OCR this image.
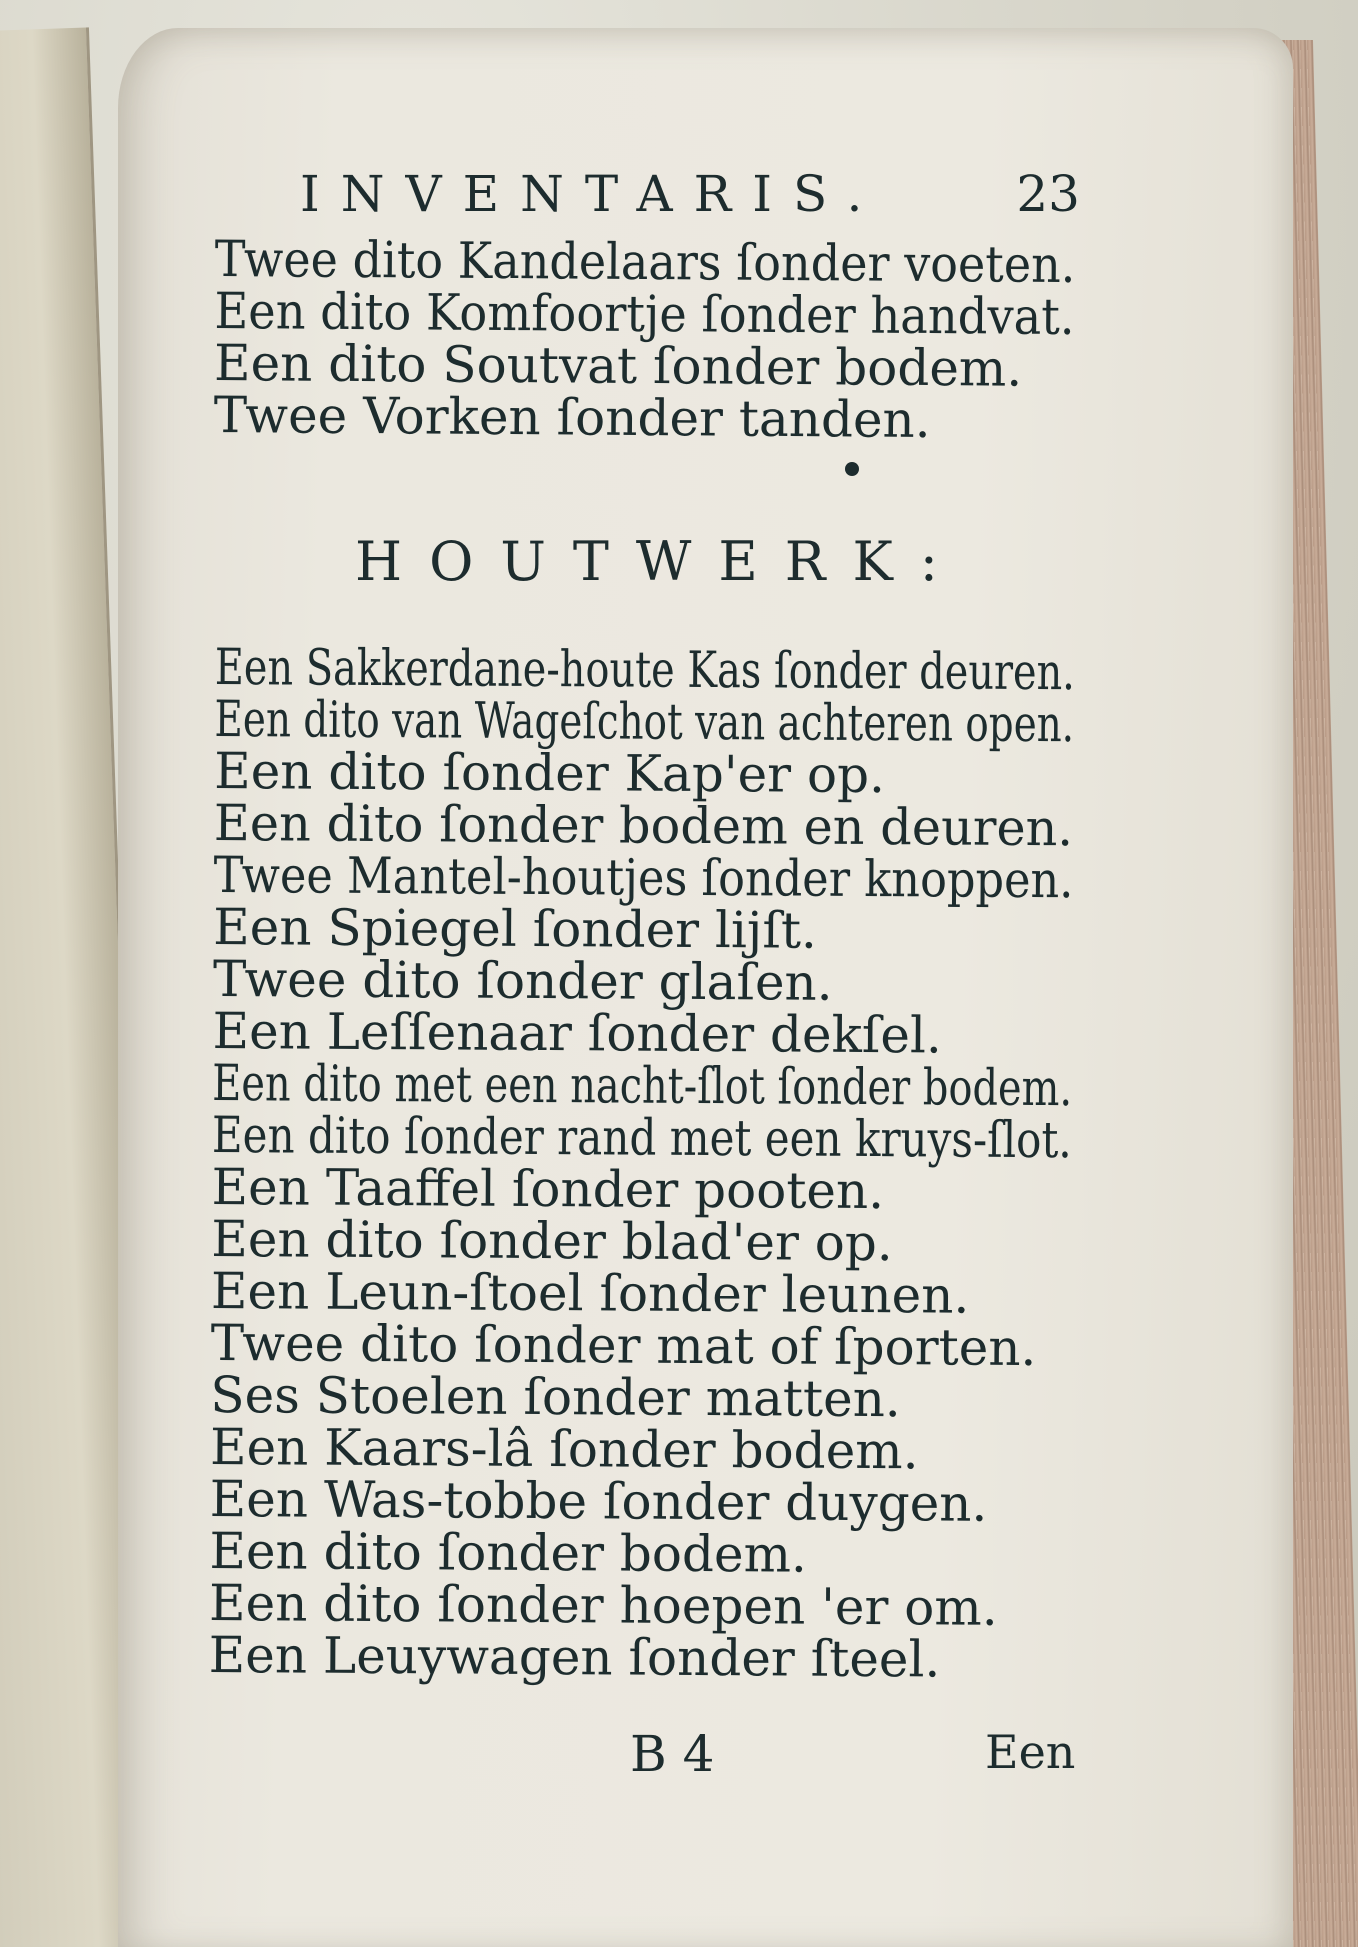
INVENTARIS.	23
Twee dito Kandelaars ſonder voeten.
Een dito Komfoortje ſonder handvat.
Een dito Soutvat ſonder bodem.
Twee Vorken ſonder tanden.
HOUTWERK:
Een Sakkerdane-houte Kas ſonder deuren.
Een dito van Wageſchot van achteren open.
Een dito ſonder Kap'er op.
Een dito ſonder bodem en deuren.
Twee Mantel-houtjes ſonder knoppen.
Een Spiegel ſonder lijſt.
Twee dito ſonder glaſen.
Een Leſſenaar ſonder dekſel.
Een dito met een nacht-ſlot ſonder bodem.
Een dito ſonder rand met een kruys-ſlot.
Een Taaffel ſonder pooten.
Een dito ſonder blad'er op.
Een Leun-ſtoel ſonder leunen.
Twee dito ſonder mat of ſporten.
Ses Stoelen ſonder matten.
Een Kaars-lâ ſonder bodem.
Een Was-tobbe ſonder duygen.
Een dito ſonder bodem.
Een dito ſonder hoepen 'er om.
Een Leuywagen ſonder ſteel.
B 4	Een
